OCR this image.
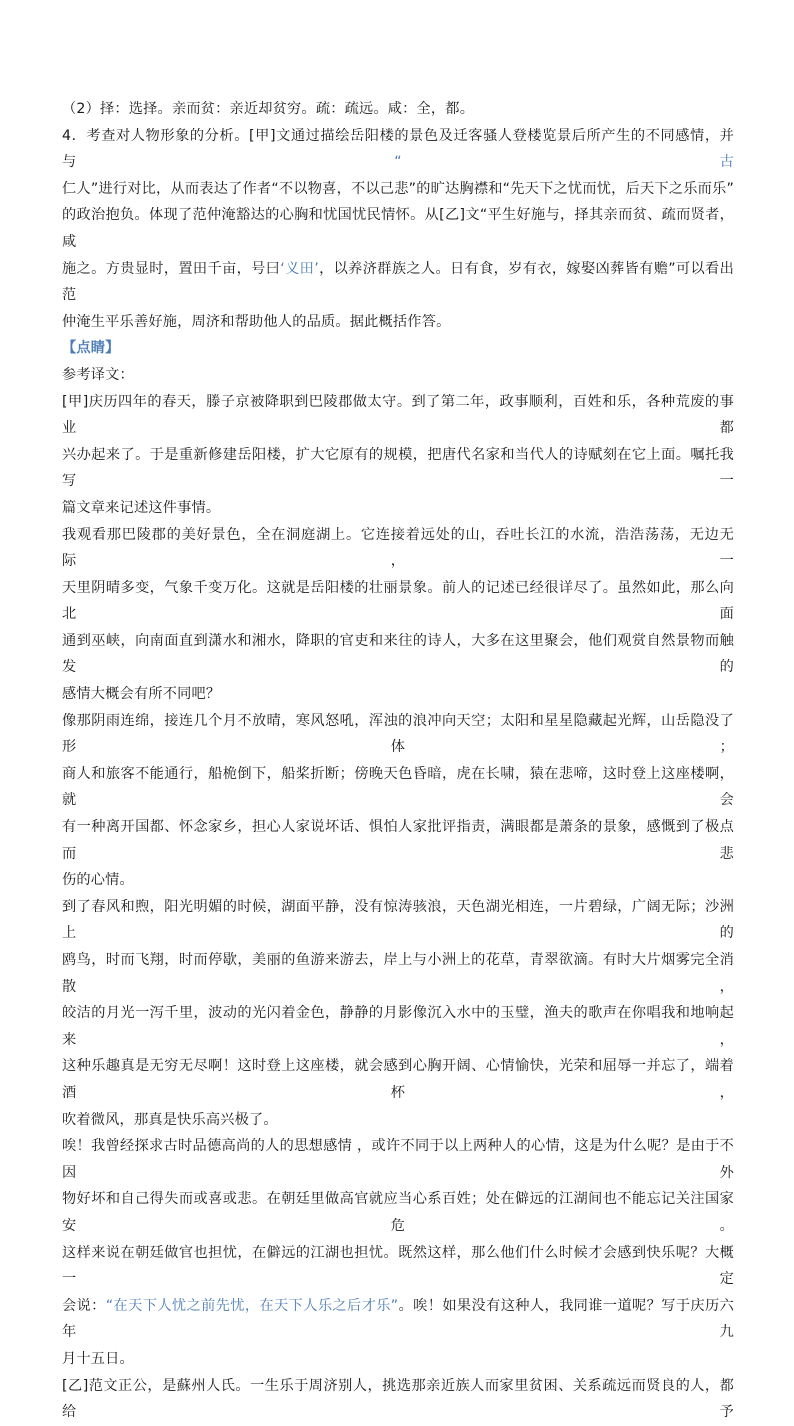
（2）择：选择。亲而贫：亲近却贫穷。疏：疏远。咸：全，都。
4．考查对人物形象的分析。[甲]文通过描绘岳阳楼的景色及迁客骚人登楼览景后所产生的不同感情，并与“古
仁人”进行对比，从而表达了作者“不以物喜，不以己悲”的旷达胸襟和“先天下之忧而忧，后天下之乐而乐”
的政治抱负。体现了范仲淹豁达的心胸和忧国忧民情怀。从[乙]文“平生好施与，择其亲而贫、疏而贤者，咸
施之。方贵显时，置田千亩，号曰‘义田’，以养济群族之人。日有食，岁有衣，嫁娶凶葬皆有赡”可以看出范
仲淹生平乐善好施，周济和帮助他人的品质。据此概括作答。
【点睛】
参考译文：
[甲]庆历四年的春天，滕子京被降职到巴陵郡做太守。到了第二年，政事顺利，百姓和乐，各种荒废的事业都
兴办起来了。于是重新修建岳阳楼，扩大它原有的规模，把唐代名家和当代人的诗赋刻在它上面。嘱托我写一
篇文章来记述这件事情。
我观看那巴陵郡的美好景色，全在洞庭湖上。它连接着远处的山，吞吐长江的水流，浩浩荡荡，无边无际，一
天里阴晴多变，气象千变万化。这就是岳阳楼的壮丽景象。前人的记述已经很详尽了。虽然如此，那么向北面
通到巫峡，向南面直到潇水和湘水，降职的官吏和来往的诗人，大多在这里聚会，他们观赏自然景物而触发的
感情大概会有所不同吧？
像那阴雨连绵，接连几个月不放晴，寒风怒吼，浑浊的浪冲向天空；太阳和星星隐藏起光辉，山岳隐没了形体；
商人和旅客不能通行，船桅倒下，船桨折断；傍晚天色昏暗，虎在长啸，猿在悲啼，这时登上这座楼啊，就会
有一种离开国都、怀念家乡，担心人家说坏话、惧怕人家批评指责，满眼都是萧条的景象，感慨到了极点而悲
伤的心情。
到了春风和煦，阳光明媚的时候，湖面平静，没有惊涛骇浪，天色湖光相连，一片碧绿，广阔无际；沙洲上的
鸥鸟，时而飞翔，时而停歇，美丽的鱼游来游去，岸上与小洲上的花草，青翠欲滴。有时大片烟雾完全消散，
皎洁的月光一泻千里，波动的光闪着金色，静静的月影像沉入水中的玉璧，渔夫的歌声在你唱我和地响起来，
这种乐趣真是无穷无尽啊！这时登上这座楼，就会感到心胸开阔、心情愉快，光荣和屈辱一并忘了，端着酒杯，
吹着微风，那真是快乐高兴极了。
唉！我曾经探求古时品德高尚的人的思想感情 ，或许不同于以上两种人的心情，这是为什么呢？是由于不因外
物好坏和自己得失而或喜或悲。在朝廷里做高官就应当心系百姓；处在僻远的江湖间也不能忘记关注国家安危。
这样来说在朝廷做官也担忧，在僻远的江湖也担忧。既然这样，那么他们什么时候才会感到快乐呢？大概一定
会说：“在天下人忧之前先忧，在天下人乐之后才乐”。唉！如果没有这种人，我同谁一道呢？写于庆历六年九
月十五日。
[乙]范文正公，是蘇州人氏。一生乐于周济别人，挑选那亲近族人而家里贫困、关系疏远而贤良的人，都给予
